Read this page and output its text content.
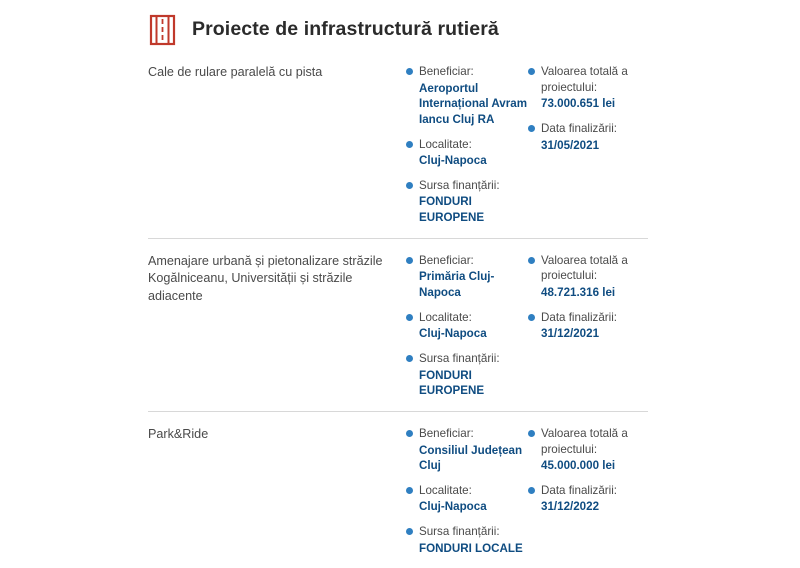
Proiecte de infrastructură rutieră
Cale de rulare paralelă cu pista	Beneficiar:
Aeroportul Internațional Avram Iancu Cluj RA
Localitate:
Cluj-Napoca
Sursa finanțării:
FONDURI EUROPENE
Valoarea totală a proiectului:
73.000.651 lei
Data finalizării:
31/05/2021
Amenajare urbană și pietonalizare străzile Kogălniceanu, Universității și străzile adiacente
Beneficiar:
Primăria Cluj-Napoca
Localitate:
Cluj-Napoca
Sursa finanțării:
FONDURI EUROPENE
Valoarea totală a proiectului:
48.721.316 lei
Data finalizării:
31/12/2021
Park&Ride	Beneficiar:
Consiliul Județean Cluj
Localitate:
Cluj-Napoca
Sursa finanțării:
FONDURI LOCALE
Valoarea totală a proiectului:
45.000.000 lei
Data finalizării:
31/12/2022
